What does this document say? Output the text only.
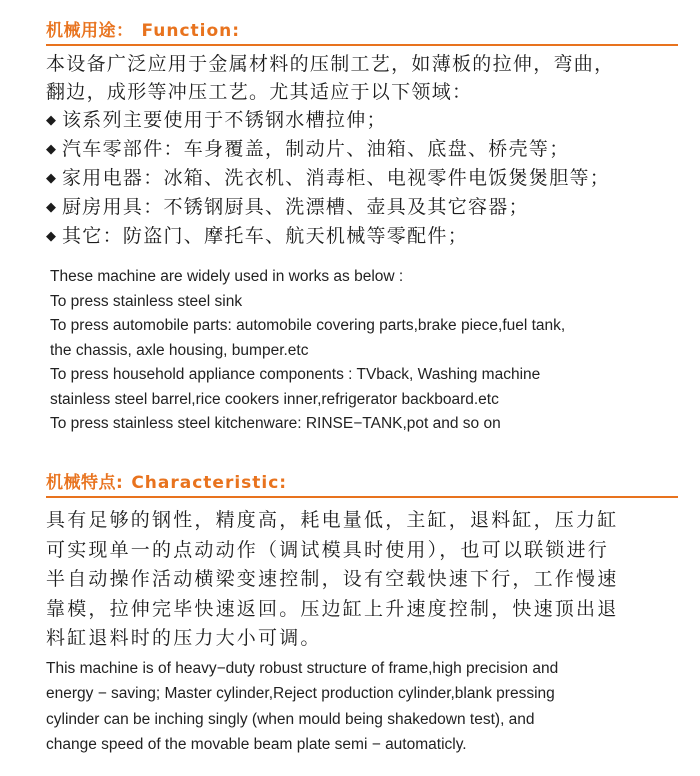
机械用途： Function:
本设备广泛应用于金属材料的压制工艺，如薄板的拉伸，弯曲，
翻边，成形等冲压工艺。尤其适应于以下领域：
◆ 该系列主要使用于不锈钢水槽拉伸；
◆ 汽车零部件：车身覆盖，制动片、油箱、底盘、桥壳等；
◆ 家用电器：冰箱、洗衣机、消毒柜、电视零件电饭煲煲胆等；
◆ 厨房用具：不锈钢厨具、洗漂槽、壶具及其它容器；
◆ 其它：防盗门、摩托车、航天机械等零配件；
These machine are widely used in works as below :
To press stainless steel sink
To press automobile parts: automobile covering parts,brake piece,fuel tank,
the chassis, axle housing, bumper.etc
To press household appliance components : TVback, Washing machine
stainless steel barrel,rice cookers inner,refrigerator backboard.etc
To press stainless steel kitchenware: RINSE−TANK,pot and so on
机械特点: Characteristic:
具有足够的钢性，精度高，耗电量低，主缸，退料缸，压力缸
可实现单一的点动动作（调试模具时使用），也可以联锁进行
半自动操作活动横梁变速控制，设有空载快速下行，工作慢速
靠模，拉伸完毕快速返回。压边缸上升速度控制，快速顶出退
料缸退料时的压力大小可调。
This machine is of heavy−duty robust structure of frame,high precision and
energy − saving; Master cylinder,Reject production cylinder,blank pressing
cylinder can be inching singly (when mould being shakedown test), and
change speed of the movable beam plate semi − automaticly.
